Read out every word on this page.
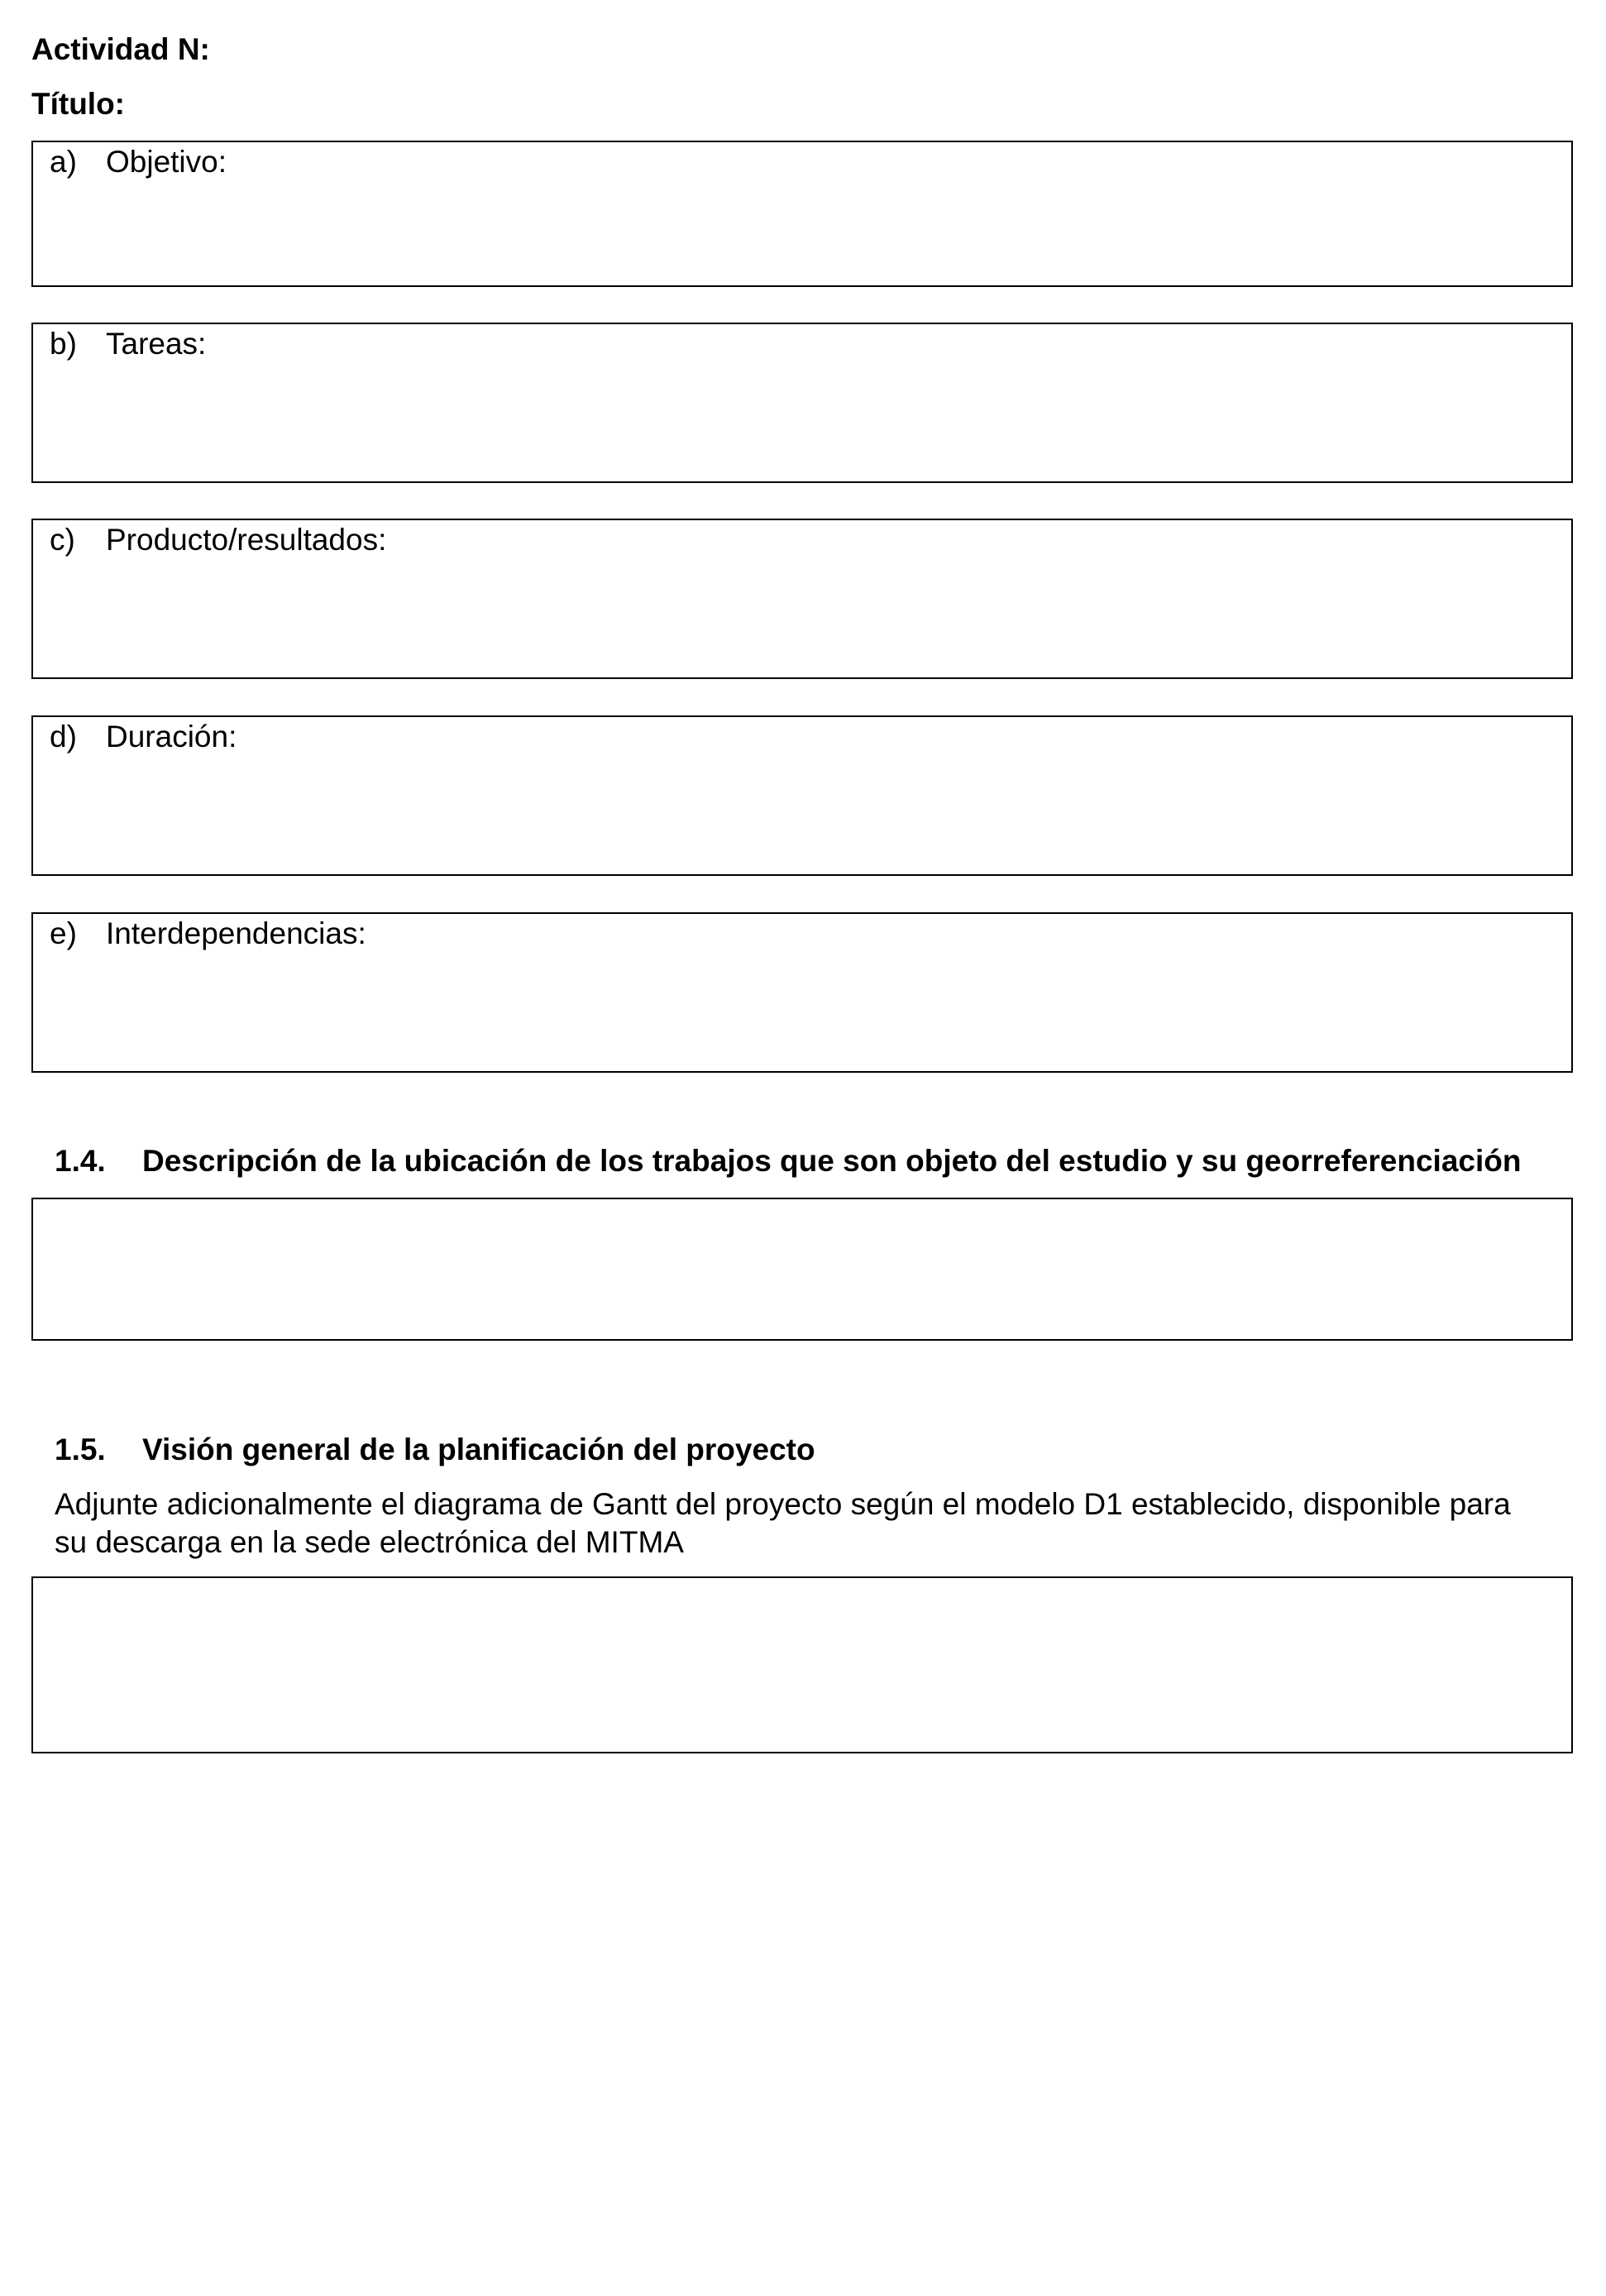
Actividad N:
Título:
a) Objetivo:
b) Tareas:
c) Producto/resultados:
d) Duración:
e) Interdependencias:
1.4. Descripción de la ubicación de los trabajos que son objeto del estudio y su georreferenciación
1.5. Visión general de la planificación del proyecto
Adjunte adicionalmente el diagrama de Gantt del proyecto según el modelo D1 establecido, disponible para
su descarga en la sede electrónica del MITMA
